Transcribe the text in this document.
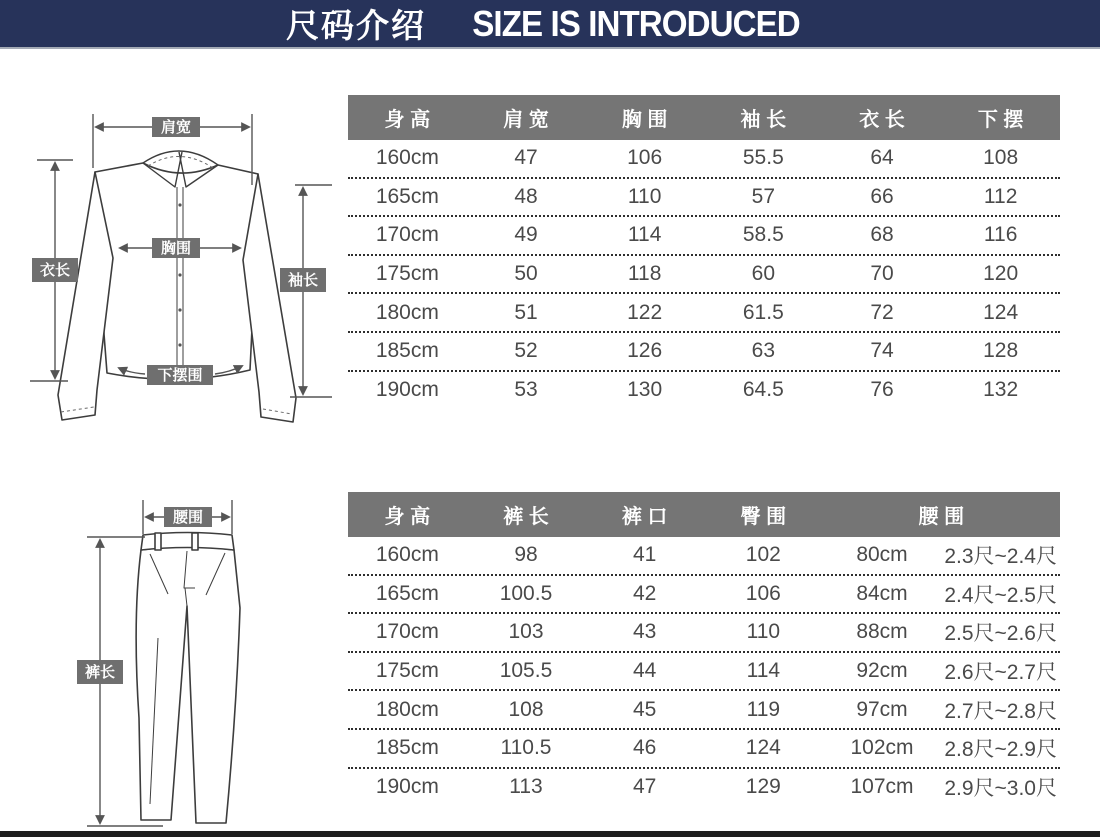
尺码介绍 SIZE IS INTRODUCED
肩宽
胸围
衣长
袖长
下摆围
腰围
裤长
身 高	肩 宽	胸 围	袖 长	衣 长	下 摆
160cm	47	106	55.5	64	108
165cm	48	110	57	66	112
170cm	49	114	58.5	68	116
175cm	50	118	60	70	120
180cm	51	122	61.5	72	124
185cm	52	126	63	74	128
190cm	53	130	64.5	76	132
身 高	裤 长	裤 口	臀 围	腰 围
160cm	98	41	102	80cm	2.3尺~2.4尺
165cm	100.5	42	106	84cm	2.4尺~2.5尺
170cm	103	43	110	88cm	2.5尺~2.6尺
175cm	105.5	44	114	92cm	2.6尺~2.7尺
180cm	108	45	119	97cm	2.7尺~2.8尺
185cm	110.5	46	124	102cm	2.8尺~2.9尺
190cm	113	47	129	107cm	2.9尺~3.0尺
